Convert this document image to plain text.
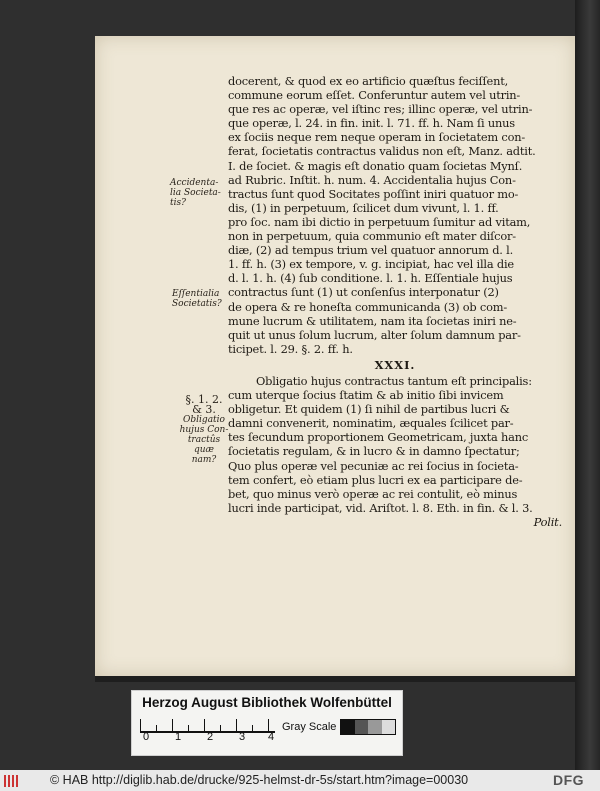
Accidenta-
lia Societa-
tis?
Eſſentialia
Societatis?
§. 1. 2.
& 3.
Obligatio
hujus Con-
tractûs quæ
nam?
docerent, & quod ex eo artificio quæſtus feciſſent,
commune eorum eſſet. Conferuntur autem vel utrin-
que res ac operæ, vel iſtinc res; illinc operæ, vel utrin-
que operæ, l. 24. in fin. init. l. 71. ff. h. Nam ſi unus
ex ſociis neque rem neque operam in ſocietatem con-
ferat, ſocietatis contractus validus non eſt, Manz. adtit.
I. de ſociet. & magis eſt donatio quam ſocietas Mynſ.
ad Rubric. Inſtit. h. num. 4. Accidentalia hujus Con-
tractus ſunt quod Socitates poſſint iniri quatuor mo-
dis, (1) in perpetuum, ſcilicet dum vivunt, l. 1. ff.
pro ſoc. nam ibi dictio in perpetuum ſumitur ad vitam,
non in perpetuum, quia communio eſt mater diſcor-
diæ, (2) ad tempus trium vel quatuor annorum d. l.
1. ff. h. (3) ex tempore, v. g. incipiat, hac vel illa die
d. l. 1. h. (4) ſub conditione. l. 1. h. Eſſentiale hujus
contractus ſunt (1) ut conſenſus interponatur (2)
de opera & re honeſta communicanda (3) ob com-
mune lucrum & utilitatem, nam ita ſocietas iniri ne-
quit ut unus ſolum lucrum, alter ſolum damnum par-
ticipet. l. 29. §. 2. ff. h.
XXXI.
Obligatio hujus contractus tantum eſt principalis:
cum uterque ſocius ſtatim & ab initio ſibi invicem
obligetur. Et quidem (1) ſi nihil de partibus lucri &
damni convenerit, nominatim, æquales ſcilicet par-
tes ſecundum proportionem Geometricam, juxta hanc
ſocietatis regulam, & in lucro & in damno ſpectatur;
Quo plus operæ vel pecuniæ ac rei ſocius in ſocieta-
tem confert, eò etiam plus lucri ex ea participare de-
bet, quo minus verò operæ ac rei contulit, eò minus
lucri inde participat, vid. Ariſtot. l. 8. Eth. in fin. & l. 3.
Polit.
Herzog August Bibliothek Wolfenbüttel
0 1 2 3 4
Gray Scale
© HAB http://diglib.hab.de/drucke/925-helmst-dr-5s/start.htm?image=00030	DFG
